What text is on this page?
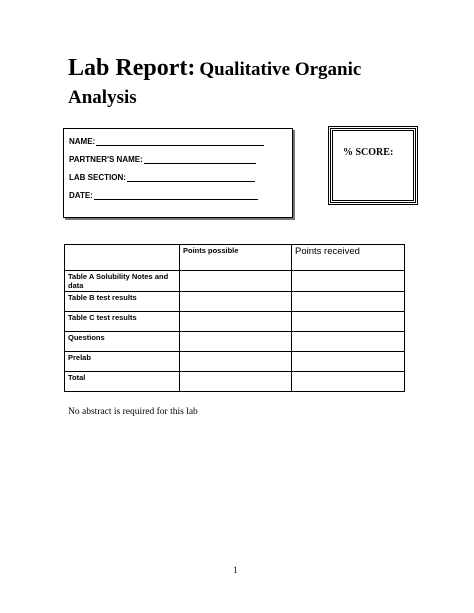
Lab Report: Qualitative Organic Analysis
NAME:
PARTNER'S NAME:
LAB SECTION:
DATE:
% SCORE:
	Points possible	Points received
Table A Solubility Notes and data		
Table B test results		
Table C test results		
Questions		
Prelab		
Total		
No abstract is required for this lab
1
